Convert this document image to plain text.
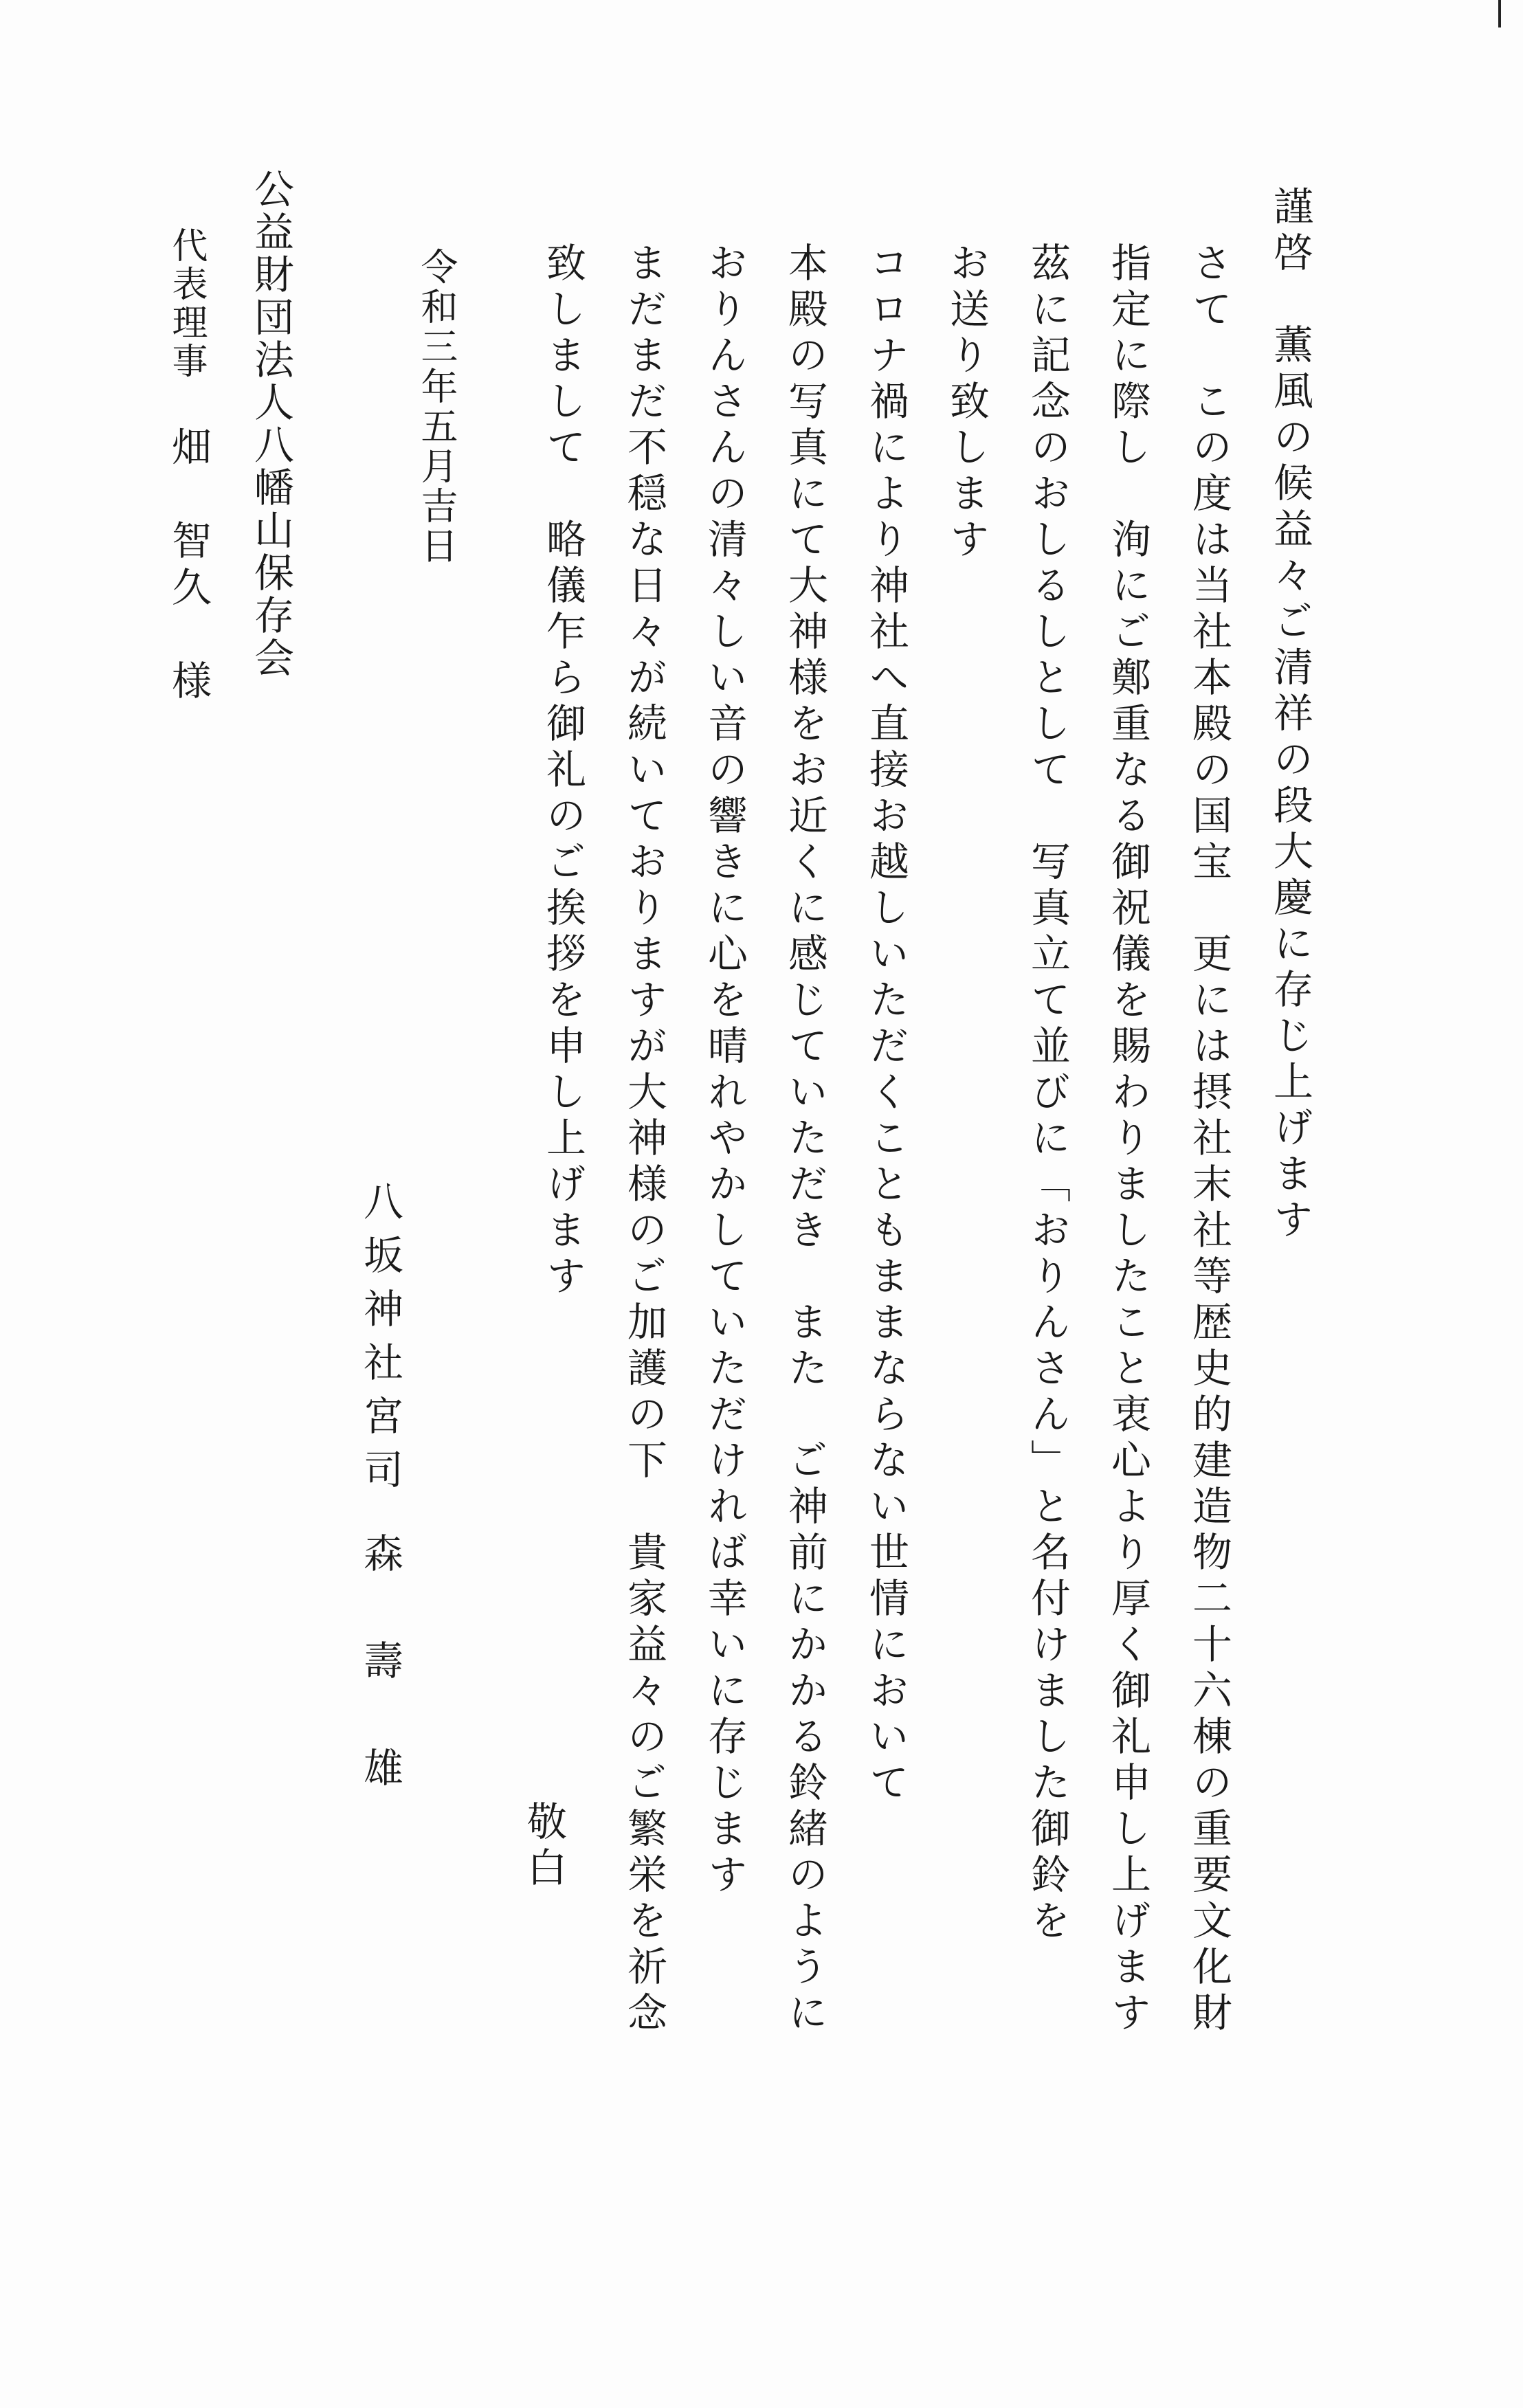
謹啓　薫風の候益々ご清祥の段大慶に存じ上げます
さて　この度は当社本殿の国宝　更には摂社末社等歴史的建造物二十六棟の重要文化財
指定に際し　洵にご鄭重なる御祝儀を賜わりましたこと衷心より厚く御礼申し上げます
茲に記念のおしるしとして　写真立て並びに「おりんさん」と名付けました御鈴を
お送り致します
コロナ禍により神社へ直接お越しいただくこともままならない世情において
本殿の写真にて大神様をお近くに感じていただき　また　ご神前にかかる鈴緒のように
おりんさんの清々しい音の響きに心を晴れやかしていただければ幸いに存じます
まだまだ不穏な日々が続いておりますが大神様のご加護の下　貴家益々のご繁栄を祈念
致しまして　略儀乍ら御礼のご挨拶を申し上げます
敬白
八坂神社宮司
森　壽　雄
令和三年五月吉日
公益財団法人八幡山保存会
代表理事
畑　智久　様
